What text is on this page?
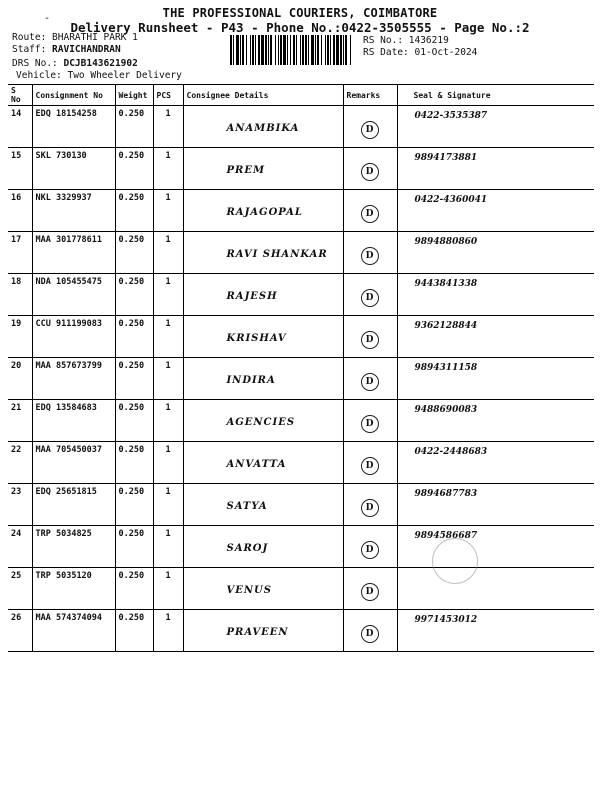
-	THE PROFESSIONAL COURIERS, COIMBATORE
Delivery Runsheet - P43 - Phone No.:0422-3505555 - Page No.:2
Route: BHARATHI PARK 1
Staff: RAVICHANDRAN
DRS No.: DCJB143621902
Vehicle: Two Wheeler Delivery
RS No.: 1436219
RS Date: 01-Oct-2024
S No	Consignment No	Weight	PCS	Consignee Details	Remarks	Seal & Signature
14	EDQ 18154258	0.250	1	ANAMBIKA	D	0422-3535387

15	SKL 730130	0.250	1	PREM	D	9894173881

16	NKL 3329937	0.250	1	RAJAGOPAL	D	0422-4360041

17	MAA 301778611	0.250	1	RAVI SHANKAR	D	9894880860

18	NDA 105455475	0.250	1	RAJESH	D	9443841338

19	CCU 911199083	0.250	1	KRISHAV	D	9362128844

20	MAA 857673799	0.250	1	INDIRA	D	9894311158

21	EDQ 13584683	0.250	1	AGENCIES	D	9488690083

22	MAA 705450037	0.250	1	ANVATTA	D	0422-2448683

23	EDQ 25651815	0.250	1	SATYA	D	9894687783

24	TRP 5034825	0.250	1	SAROJ	D	9894586687

25	TRP 5035120	0.250	1	VENUS	D	

26	MAA 574374094	0.250	1	PRAVEEN	D	9971453012
